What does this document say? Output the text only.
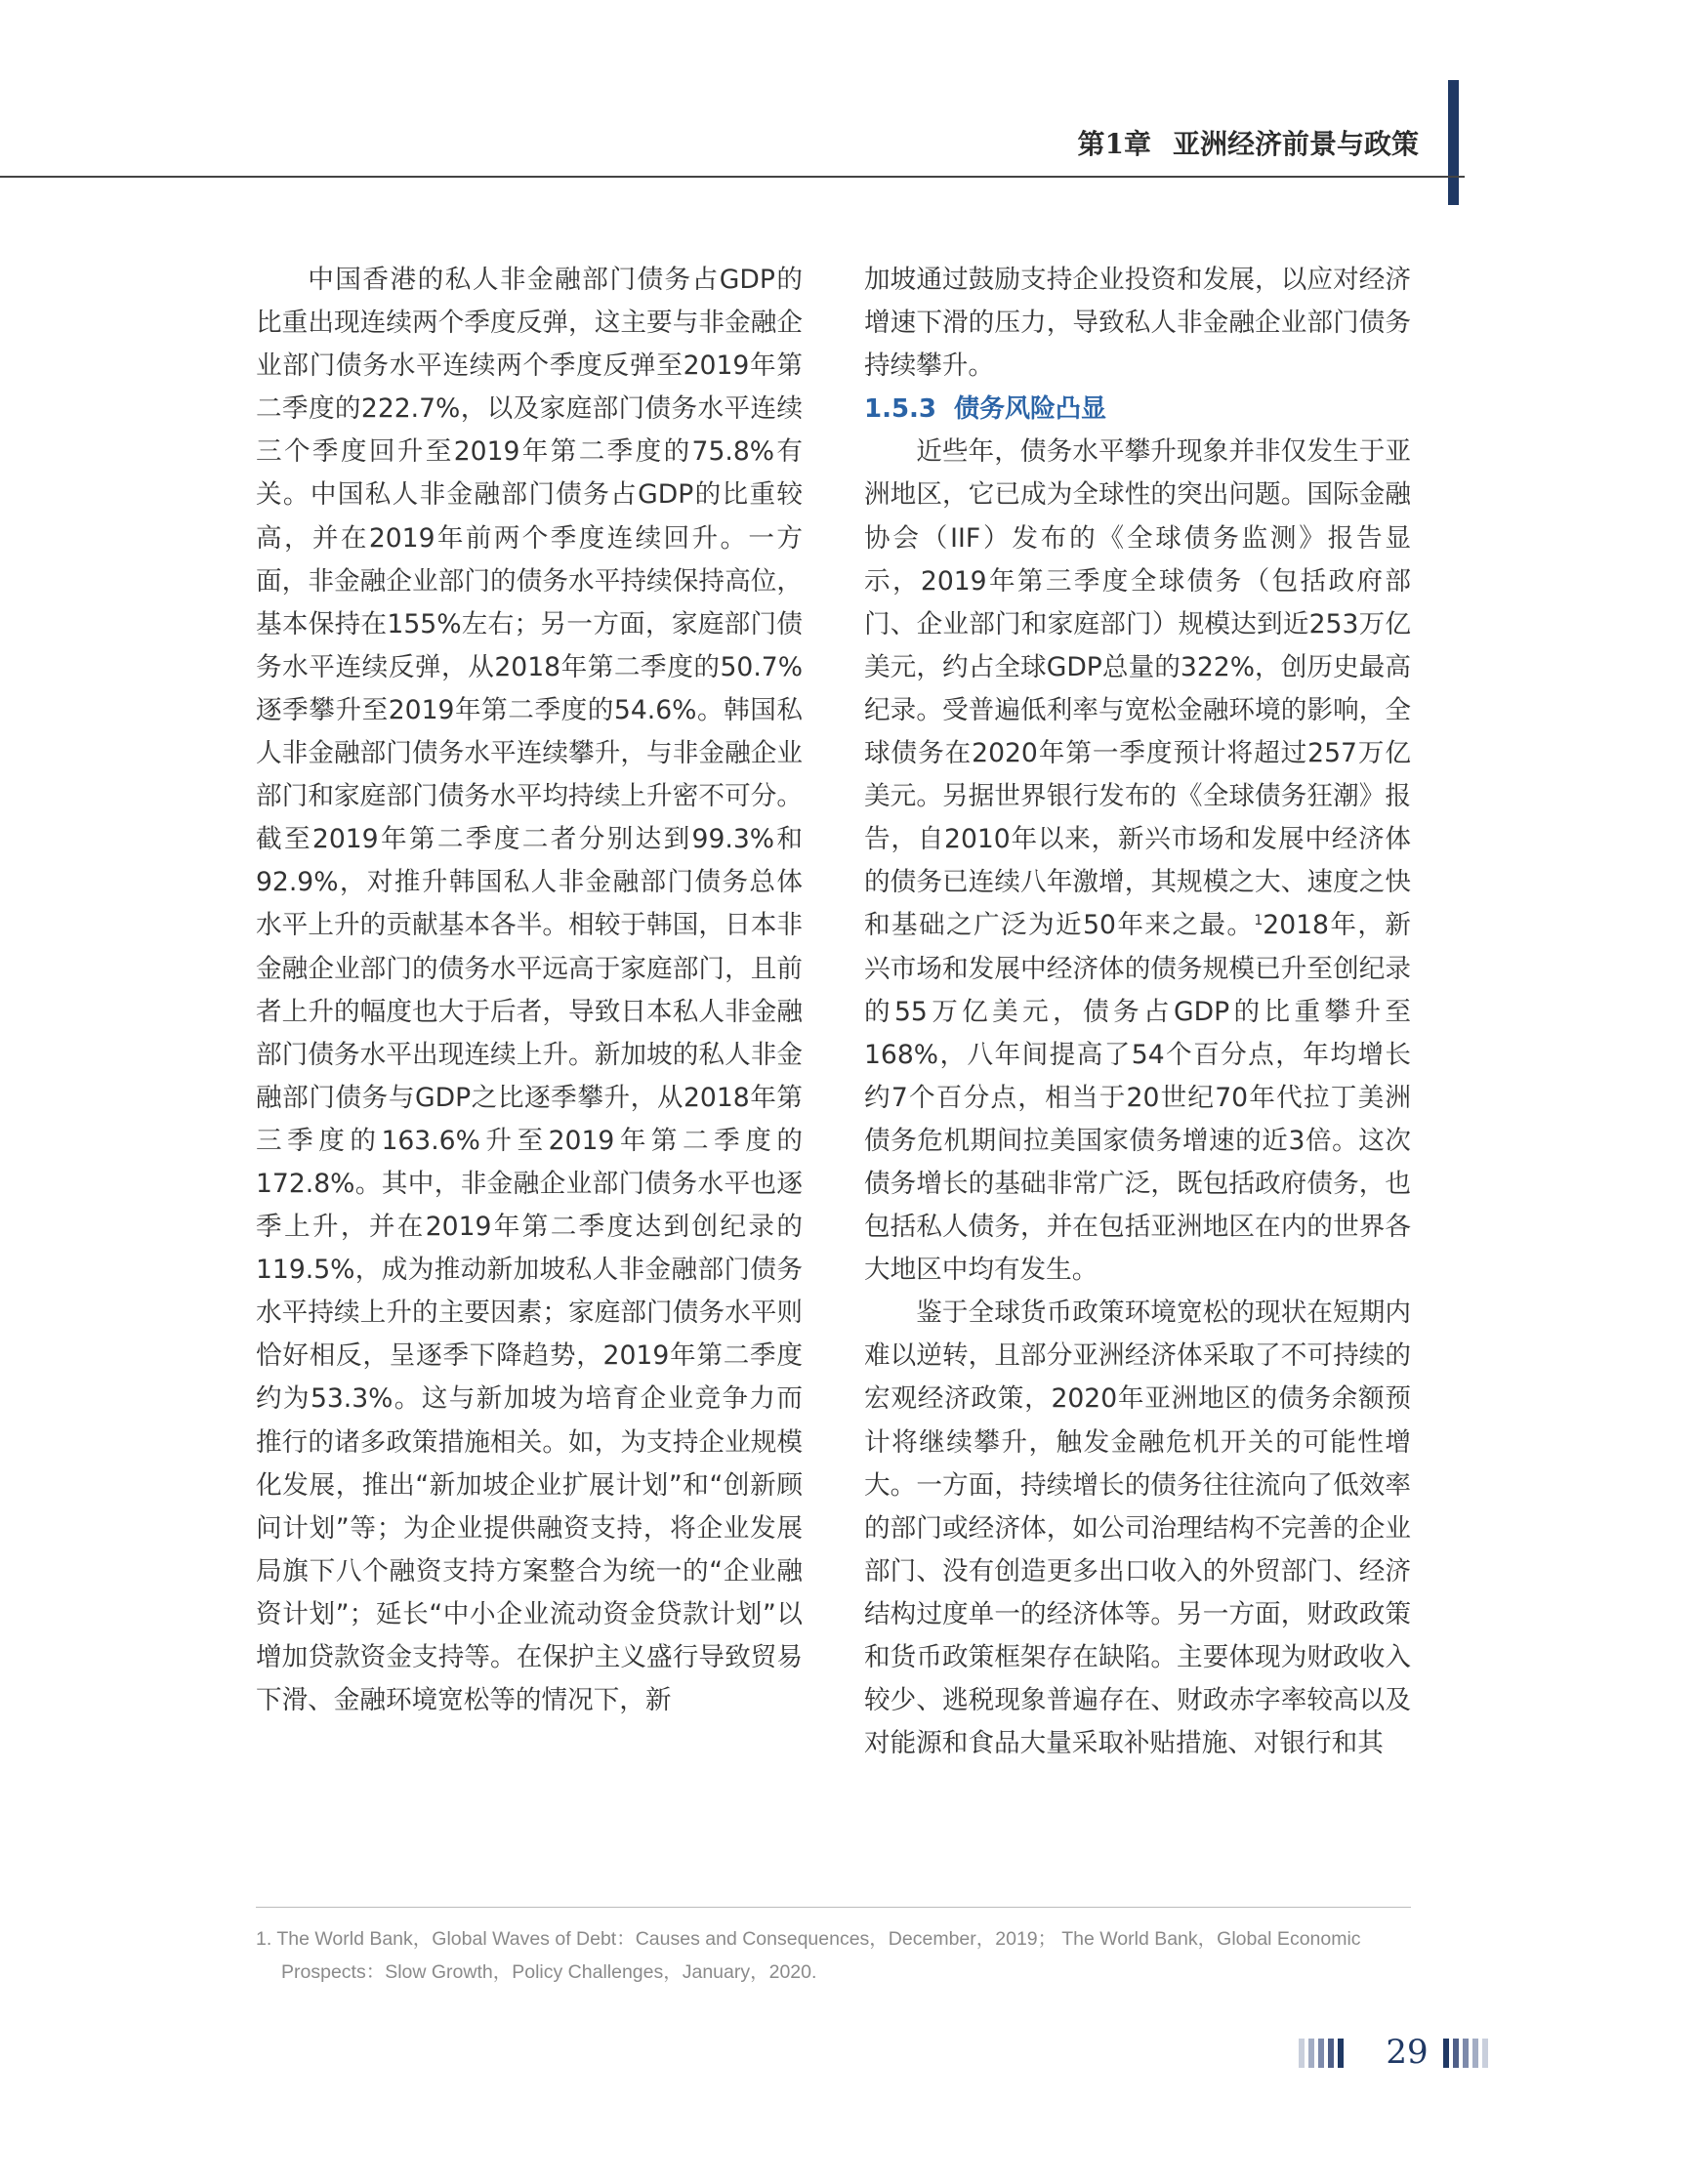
第1章 亚洲经济前景与政策

中国香港的私人非金融部门债务占GDP的比重出现连续两个季度反弹，这主要与非金融企业部门债务水平连续两个季度反弹至2019年第二季度的222.7%，以及家庭部门债务水平连续三个季度回升至2019年第二季度的75.8%有关。中国私人非金融部门债务占GDP的比重较高，并在2019年前两个季度连续回升。一方面，非金融企业部门的债务水平持续保持高位，基本保持在155%左右；另一方面，家庭部门债务水平连续反弹，从2018年第二季度的50.7%逐季攀升至2019年第二季度的54.6%。韩国私人非金融部门债务水平连续攀升，与非金融企业部门和家庭部门债务水平均持续上升密不可分。截至2019年第二季度二者分别达到99.3%和92.9%，对推升韩国私人非金融部门债务总体水平上升的贡献基本各半。相较于韩国，日本非金融企业部门的债务水平远高于家庭部门，且前者上升的幅度也大于后者，导致日本私人非金融部门债务水平出现连续上升。新加坡的私人非金融部门债务与GDP之比逐季攀升，从2018年第三季度的163.6%升至2019年第二季度的172.8%。其中，非金融企业部门债务水平也逐季上升，并在2019年第二季度达到创纪录的119.5%，成为推动新加坡私人非金融部门债务水平持续上升的主要因素；家庭部门债务水平则恰好相反，呈逐季下降趋势，2019年第二季度约为53.3%。这与新加坡为培育企业竞争力而推行的诸多政策措施相关。如，为支持企业规模化发展，推出“新加坡企业扩展计划”和“创新顾问计划”等；为企业提供融资支持，将企业发展局旗下八个融资支持方案整合为统一的“企业融资计划”；延长“中小企业流动资金贷款计划”以增加贷款资金支持等。在保护主义盛行导致贸易下滑、金融环境宽松等的情况下，新

加坡通过鼓励支持企业投资和发展，以应对经济增速下滑的压力，导致私人非金融企业部门债务持续攀升。

1.5.3 债务风险凸显

近些年，债务水平攀升现象并非仅发生于亚洲地区，它已成为全球性的突出问题。国际金融协会（IIF）发布的《全球债务监测》报告显示，2019年第三季度全球债务（包括政府部门、企业部门和家庭部门）规模达到近253万亿美元，约占全球GDP总量的322%，创历史最高纪录。受普遍低利率与宽松金融环境的影响，全球债务在2020年第一季度预计将超过257万亿美元。另据世界银行发布的《全球债务狂潮》报告，自2010年以来，新兴市场和发展中经济体的债务已连续八年激增，其规模之大、速度之快和基础之广泛为近50年来之最。$^1$2018年，新兴市场和发展中经济体的债务规模已升至创纪录的55万亿美元，债务占GDP的比重攀升至168%，八年间提高了54个百分点，年均增长约7个百分点，相当于20世纪70年代拉丁美洲债务危机期间拉美国家债务增速的近3倍。这次债务增长的基础非常广泛，既包括政府债务，也包括私人债务，并在包括亚洲地区在内的世界各大地区中均有发生。

鉴于全球货币政策环境宽松的现状在短期内难以逆转，且部分亚洲经济体采取了不可持续的宏观经济政策，2020年亚洲地区的债务余额预计将继续攀升，触发金融危机开关的可能性增大。一方面，持续增长的债务往往流向了低效率的部门或经济体，如公司治理结构不完善的企业部门、没有创造更多出口收入的外贸部门、经济结构过度单一的经济体等。另一方面，财政政策和货币政策框架存在缺陷。主要体现为财政收入较少、逃税现象普遍存在、财政赤字率较高以及对能源和食品大量采取补贴措施、对银行和其

1. The World Bank，Global Waves of Debt：Causes and Consequences，December，2019； The World Bank，Global Economic Prospects：Slow Growth，Policy Challenges，January，2020.
29
